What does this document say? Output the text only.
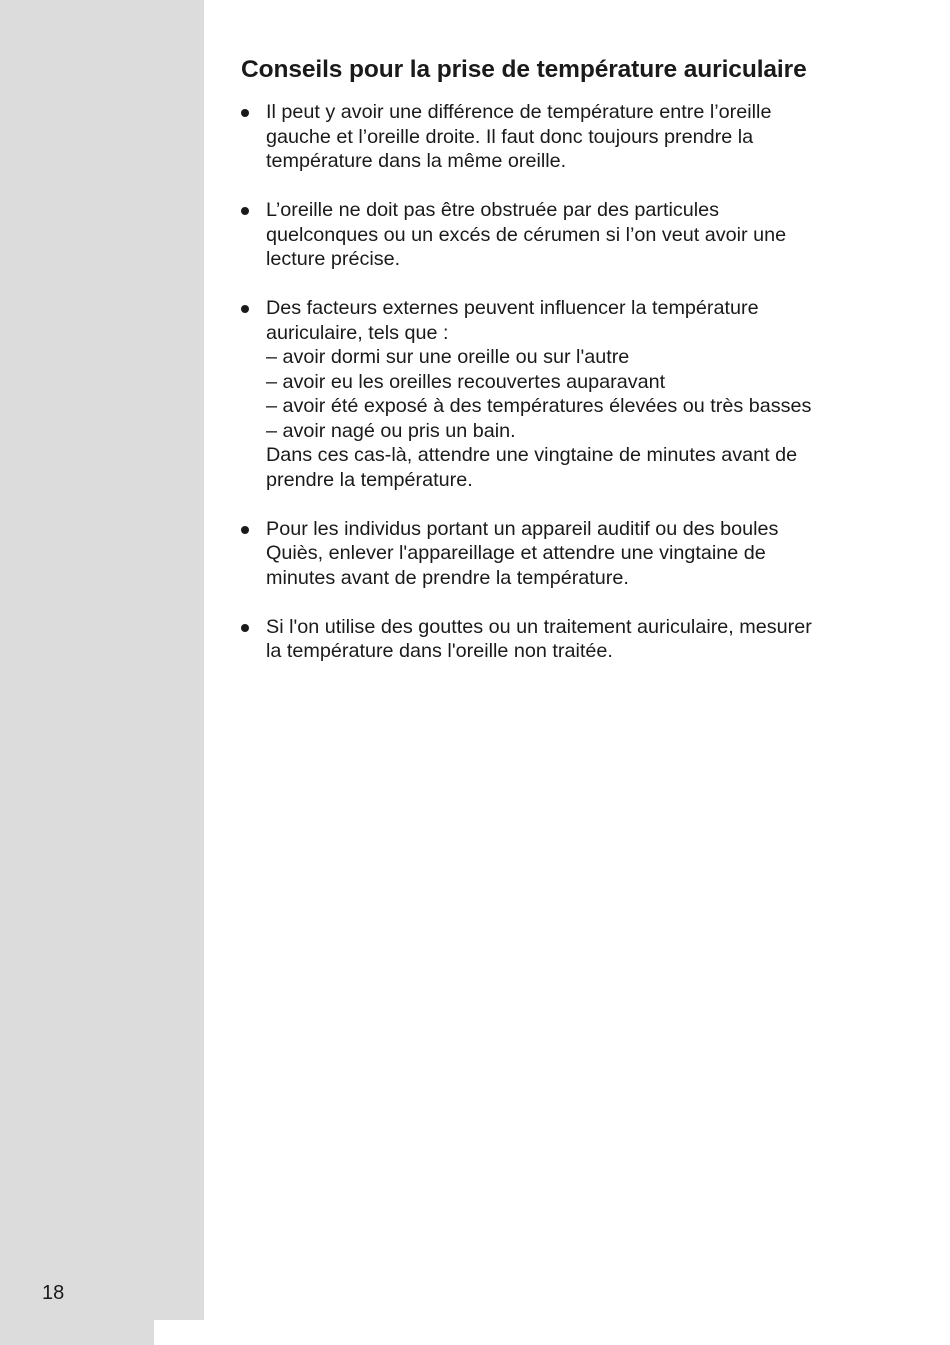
18
Conseils pour la prise de température auriculaire
Il peut y avoir une différence de température entre l’oreille
gauche et l’oreille droite. Il faut donc toujours prendre la
température dans la même oreille.
L’oreille ne doit pas être obstruée par des particules
quelconques ou un excés de cérumen si l’on veut avoir une
lecture précise.
Des facteurs externes peuvent influencer la température
auriculaire, tels que :
– avoir dormi sur une oreille ou sur l'autre
– avoir eu les oreilles recouvertes auparavant
– avoir été exposé à des températures élevées ou très basses
– avoir nagé ou pris un bain.
Dans ces cas-là, attendre une vingtaine de minutes avant de
prendre la température.
Pour les individus portant un appareil auditif ou des boules
Quiès, enlever l'appareillage et attendre une vingtaine de
minutes avant de prendre la température.
Si l'on utilise des gouttes ou un traitement auriculaire, mesurer
la température dans l'oreille non traitée.
